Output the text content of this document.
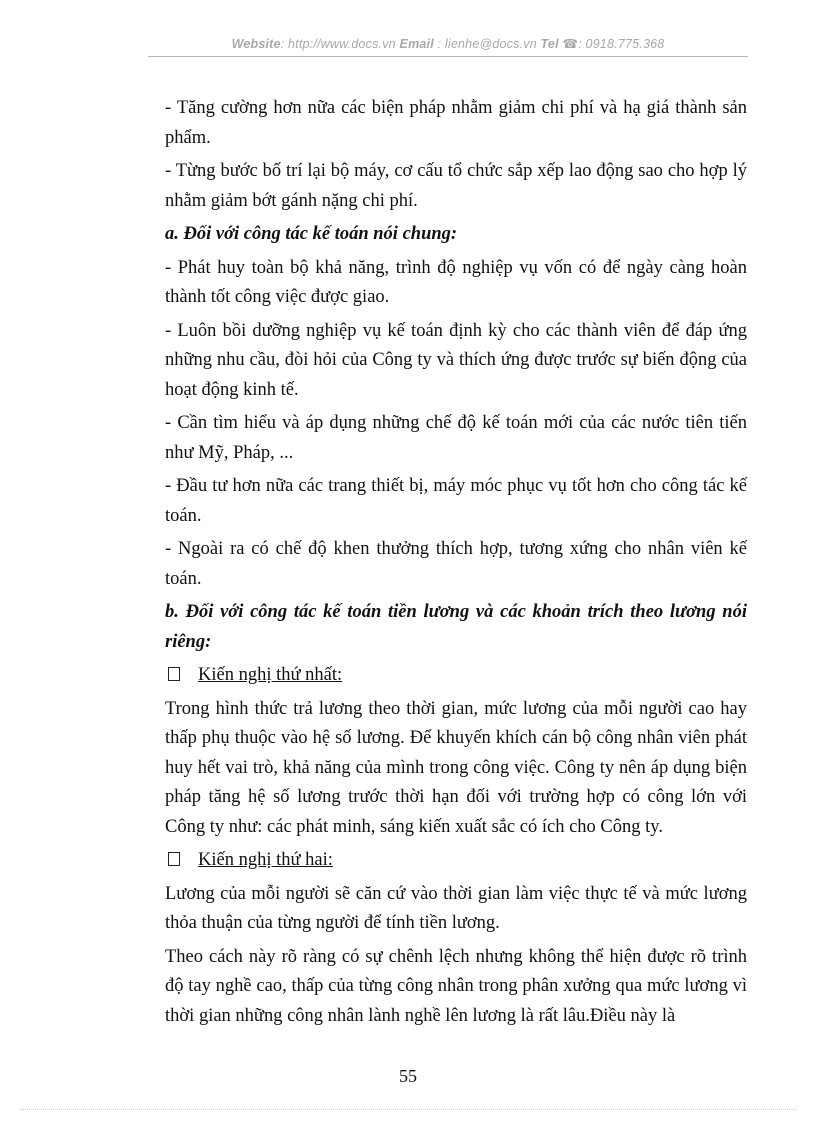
Website: http://www.docs.vn Email : lienhe@docs.vn Tel ☎: 0918.775.368

- Tăng cường hơn nữa các biện pháp nhằm giảm chi phí và hạ giá thành sản phẩm.

- Từng bước bố trí lại bộ máy, cơ cấu tổ chức sắp xếp lao động sao cho hợp lý nhằm giảm bớt gánh nặng chi phí.

a. Đối với công tác kế toán nói chung:

- Phát huy toàn bộ khả năng, trình độ nghiệp vụ vốn có để ngày càng hoàn thành tốt công việc được giao.

- Luôn bồi dưỡng nghiệp vụ kế toán định kỳ cho các thành viên để đáp ứng những nhu cầu, đòi hỏi của Công ty và thích ứng được trước sự biến động của hoạt động kinh tế.

- Cần tìm hiểu và áp dụng những chế độ kế toán mới của các nước tiên tiến như Mỹ, Pháp, ...

- Đầu tư hơn nữa các trang thiết bị, máy móc phục vụ tốt hơn cho công tác kế toán.

- Ngoài ra có chế độ khen thưởng thích hợp, tương xứng cho nhân viên kế toán.

b. Đối với công tác kế toán tiền lương và các khoản trích theo lương nói riêng:

Kiến nghị thứ nhất:

Trong hình thức trả lương theo thời gian, mức lương của mỗi người cao hay thấp phụ thuộc vào hệ số lương. Để khuyến khích cán bộ công nhân viên phát huy hết vai trò, khả năng của mình trong công việc. Công ty nên áp dụng biện pháp tăng hệ số lương trước thời hạn đối với trường hợp có công lớn với Công ty như: các phát minh, sáng kiến xuất sắc có ích cho Công ty.

Kiến nghị thứ hai:

Lương của mỗi người sẽ căn cứ vào thời gian làm việc thực tế và mức lương thỏa thuận của từng người để tính tiền lương.

Theo cách này rõ ràng có sự chênh lệch nhưng không thể hiện được rõ trình độ tay nghề cao, thấp của từng công nhân trong phân xưởng qua mức lương vì thời gian những công nhân lành nghề lên lương là rất lâu.Điều này là

55
